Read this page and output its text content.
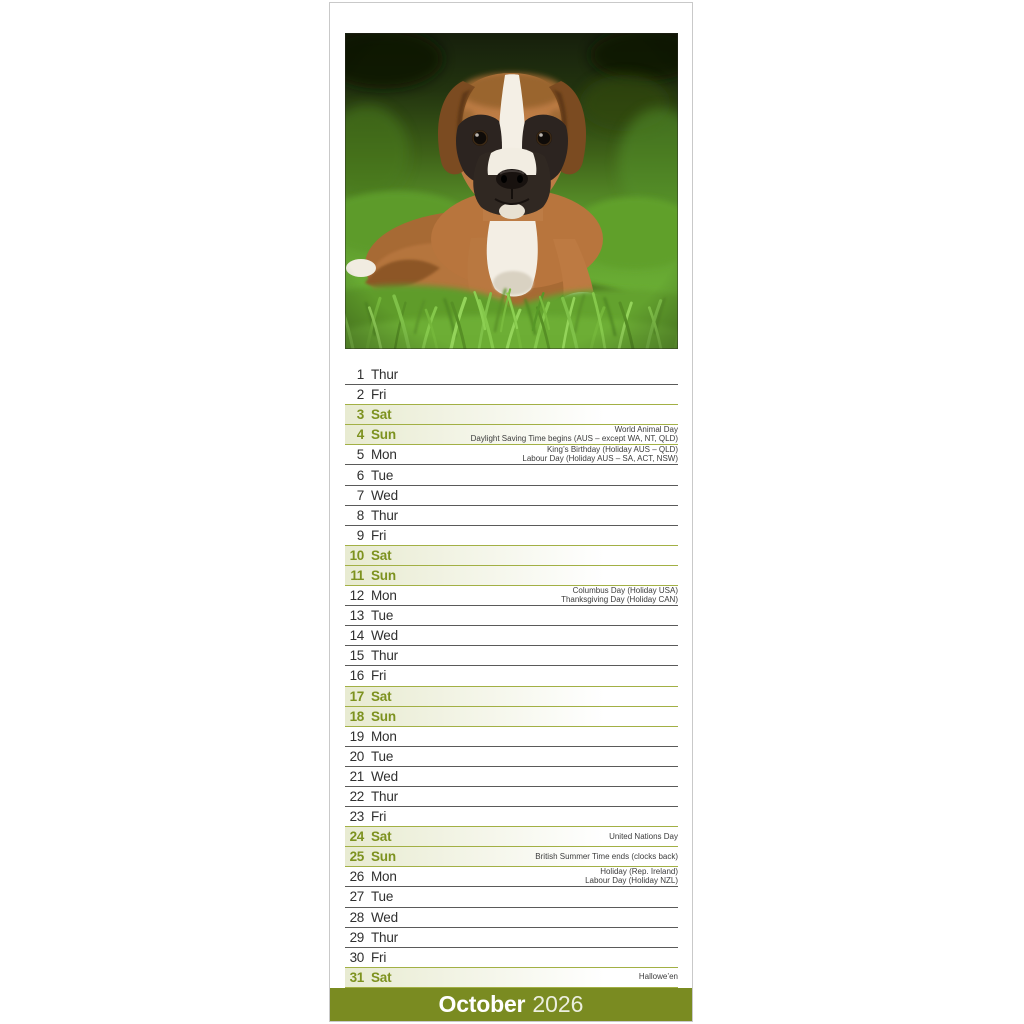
1 Thur
2 Fri
3 Sat
4 Sun	World Animal Day
Daylight Saving Time begins (AUS – except WA, NT, QLD)
5 Mon	King’s Birthday (Holiday AUS – QLD)
Labour Day (Holiday AUS – SA, ACT, NSW)
6 Tue
7 Wed
8 Thur
9 Fri
10 Sat
11 Sun
12 Mon	Columbus Day (Holiday USA)
Thanksgiving Day (Holiday CAN)
13 Tue
14 Wed
15 Thur
16 Fri
17 Sat
18 Sun
19 Mon
20 Tue
21 Wed
22 Thur
23 Fri
24 Sat	United Nations Day
25 Sun	British Summer Time ends (clocks back)
26 Mon	Holiday (Rep. Ireland)
Labour Day (Holiday NZL)
27 Tue
28 Wed
29 Thur
30 Fri
31 Sat	Hallowe’en
October 2026
